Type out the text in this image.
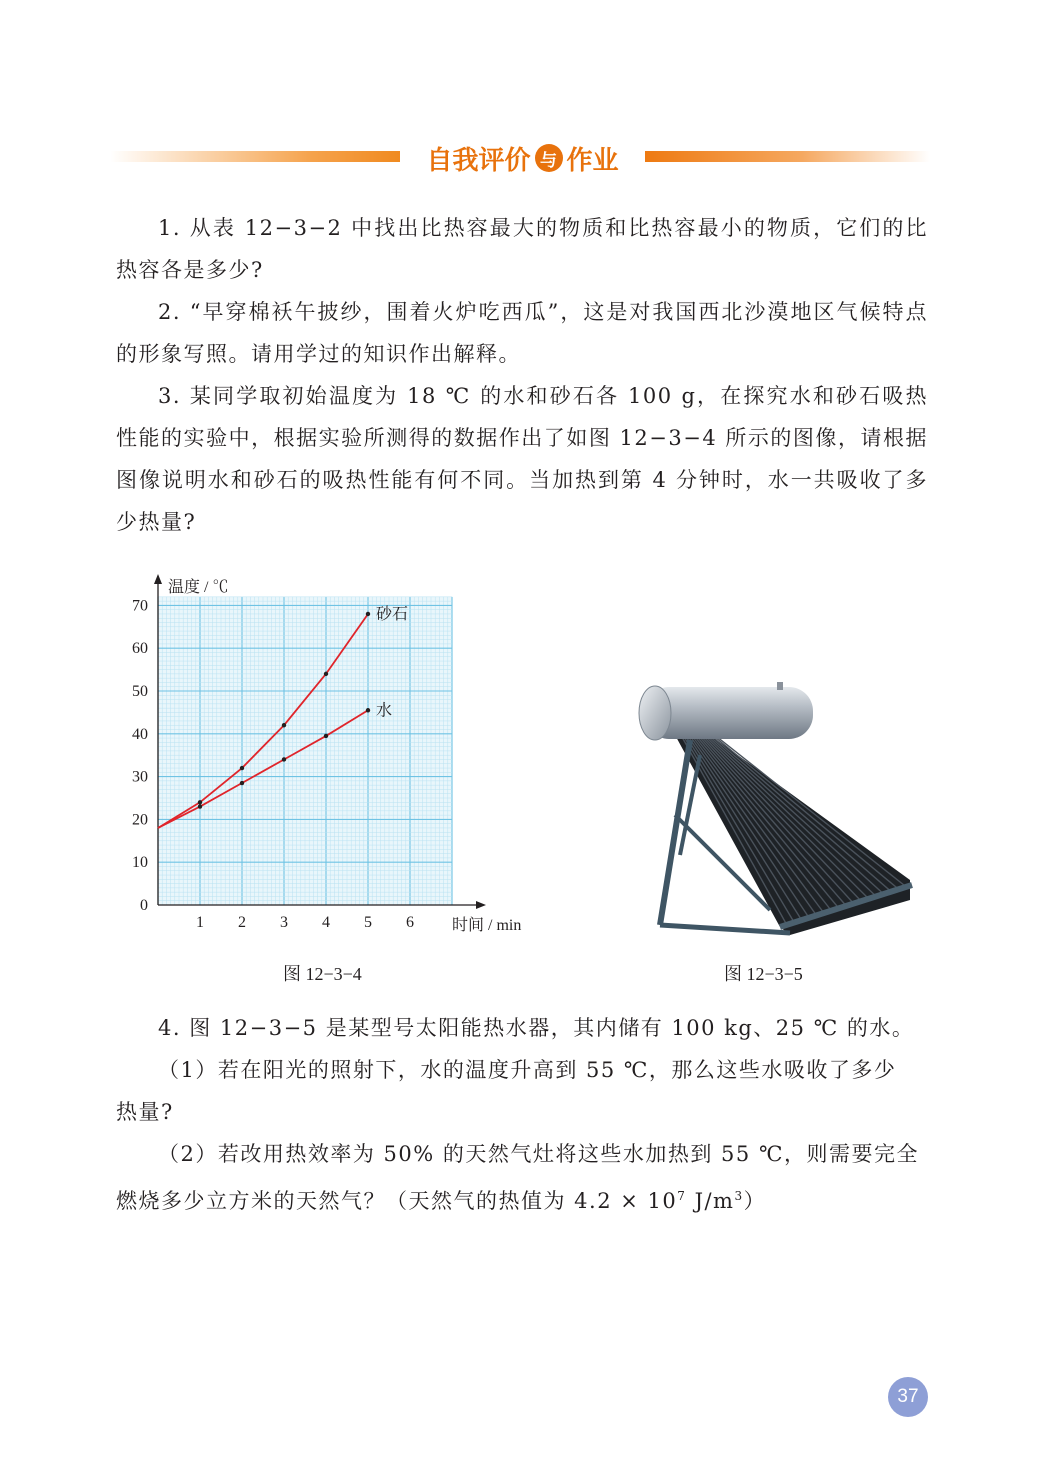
自我评价 与 作业

1. 从表 12−3−2 中找出比热容最大的物质和比热容最小的物质，它们的比热容各是多少?

2. “早穿棉袄午披纱，围着火炉吃西瓜”，这是对我国西北沙漠地区气候特点的形象写照。请用学过的知识作出解释。

3. 某同学取初始温度为 18 ℃ 的水和砂石各 100 g，在探究水和砂石吸热性能的实验中，根据实验所测得的数据作出了如图 12−3−4 所示的图像，请根据图像说明水和砂石的吸热性能有何不同。当加热到第 4 分钟时，水一共吸收了多少热量?

0
10
20
30
40
50
60
70
1 2 3 4 5 6
砂石
水
温度 / ℃
时间 / min
图 12−3−4	图 12−3−5

4. 图 12−3−5 是某型号太阳能热水器，其内储有 100 kg、25 ℃ 的水。

（1）若在阳光的照射下，水的温度升高到 55 ℃，那么这些水吸收了多少

热量?

（2）若改用热效率为 50% 的天然气灶将这些水加热到 55 ℃，则需要完全

燃烧多少立方米的天然气？（天然气的热值为 $4.2 \times 10^7$ $J/m^3$）

37
